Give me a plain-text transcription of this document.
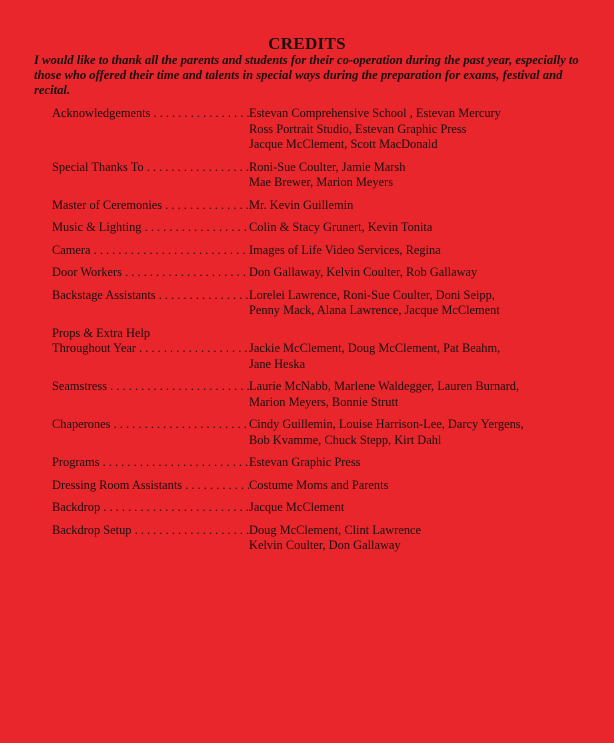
CREDITS
I would like to thank all the parents and students for their co-operation during the past year, especially to those who offered their time and talents in special ways during the preparation for exams, festival and recital.
Acknowledgements . . .	Estevan Comprehensive School , Estevan Mercury
Ross Portrait Studio, Estevan Graphic Press
Jacque McClement, Scott MacDonald
Special Thanks To . . .	Roni-Sue Coulter, Jamie Marsh
Mae Brewer, Marion Meyers
Master of Ceremonies . . .	Mr. Kevin Guillemin
Music & Lighting . . .	Colin & Stacy Grunert, Kevin Tonita
Camera . . .	Images of Life Video Services, Regina
Door Workers . . .	Don Gallaway, Kelvin Coulter, Rob Gallaway
Backstage Assistants . . .	Lorelei Lawrence, Roni-Sue Coulter, Doni Seipp,
Penny Mack, Alana Lawrence, Jacque McClement
Props & Extra Help
Throughout Year . . .	Jackie McClement, Doug McClement, Pat Beahm,
Jane Heska
Seamstress . . .	Laurie McNabb, Marlene Waldegger, Lauren Burnard,
Marion Meyers, Bonnie Strutt
Chaperones . . .	Cindy Guillemin, Louise Harrison-Lee, Darcy Yergens,
Bob Kvamme, Chuck Stepp, Kirt Dahl
Programs . . .	Estevan Graphic Press
Dressing Room Assistants . . .	Costume Moms and Parents
Backdrop . . .	Jacque McClement
Backdrop Setup . . .	Doug McClement, Clint Lawrence
Kelvin Coulter, Don Gallaway
